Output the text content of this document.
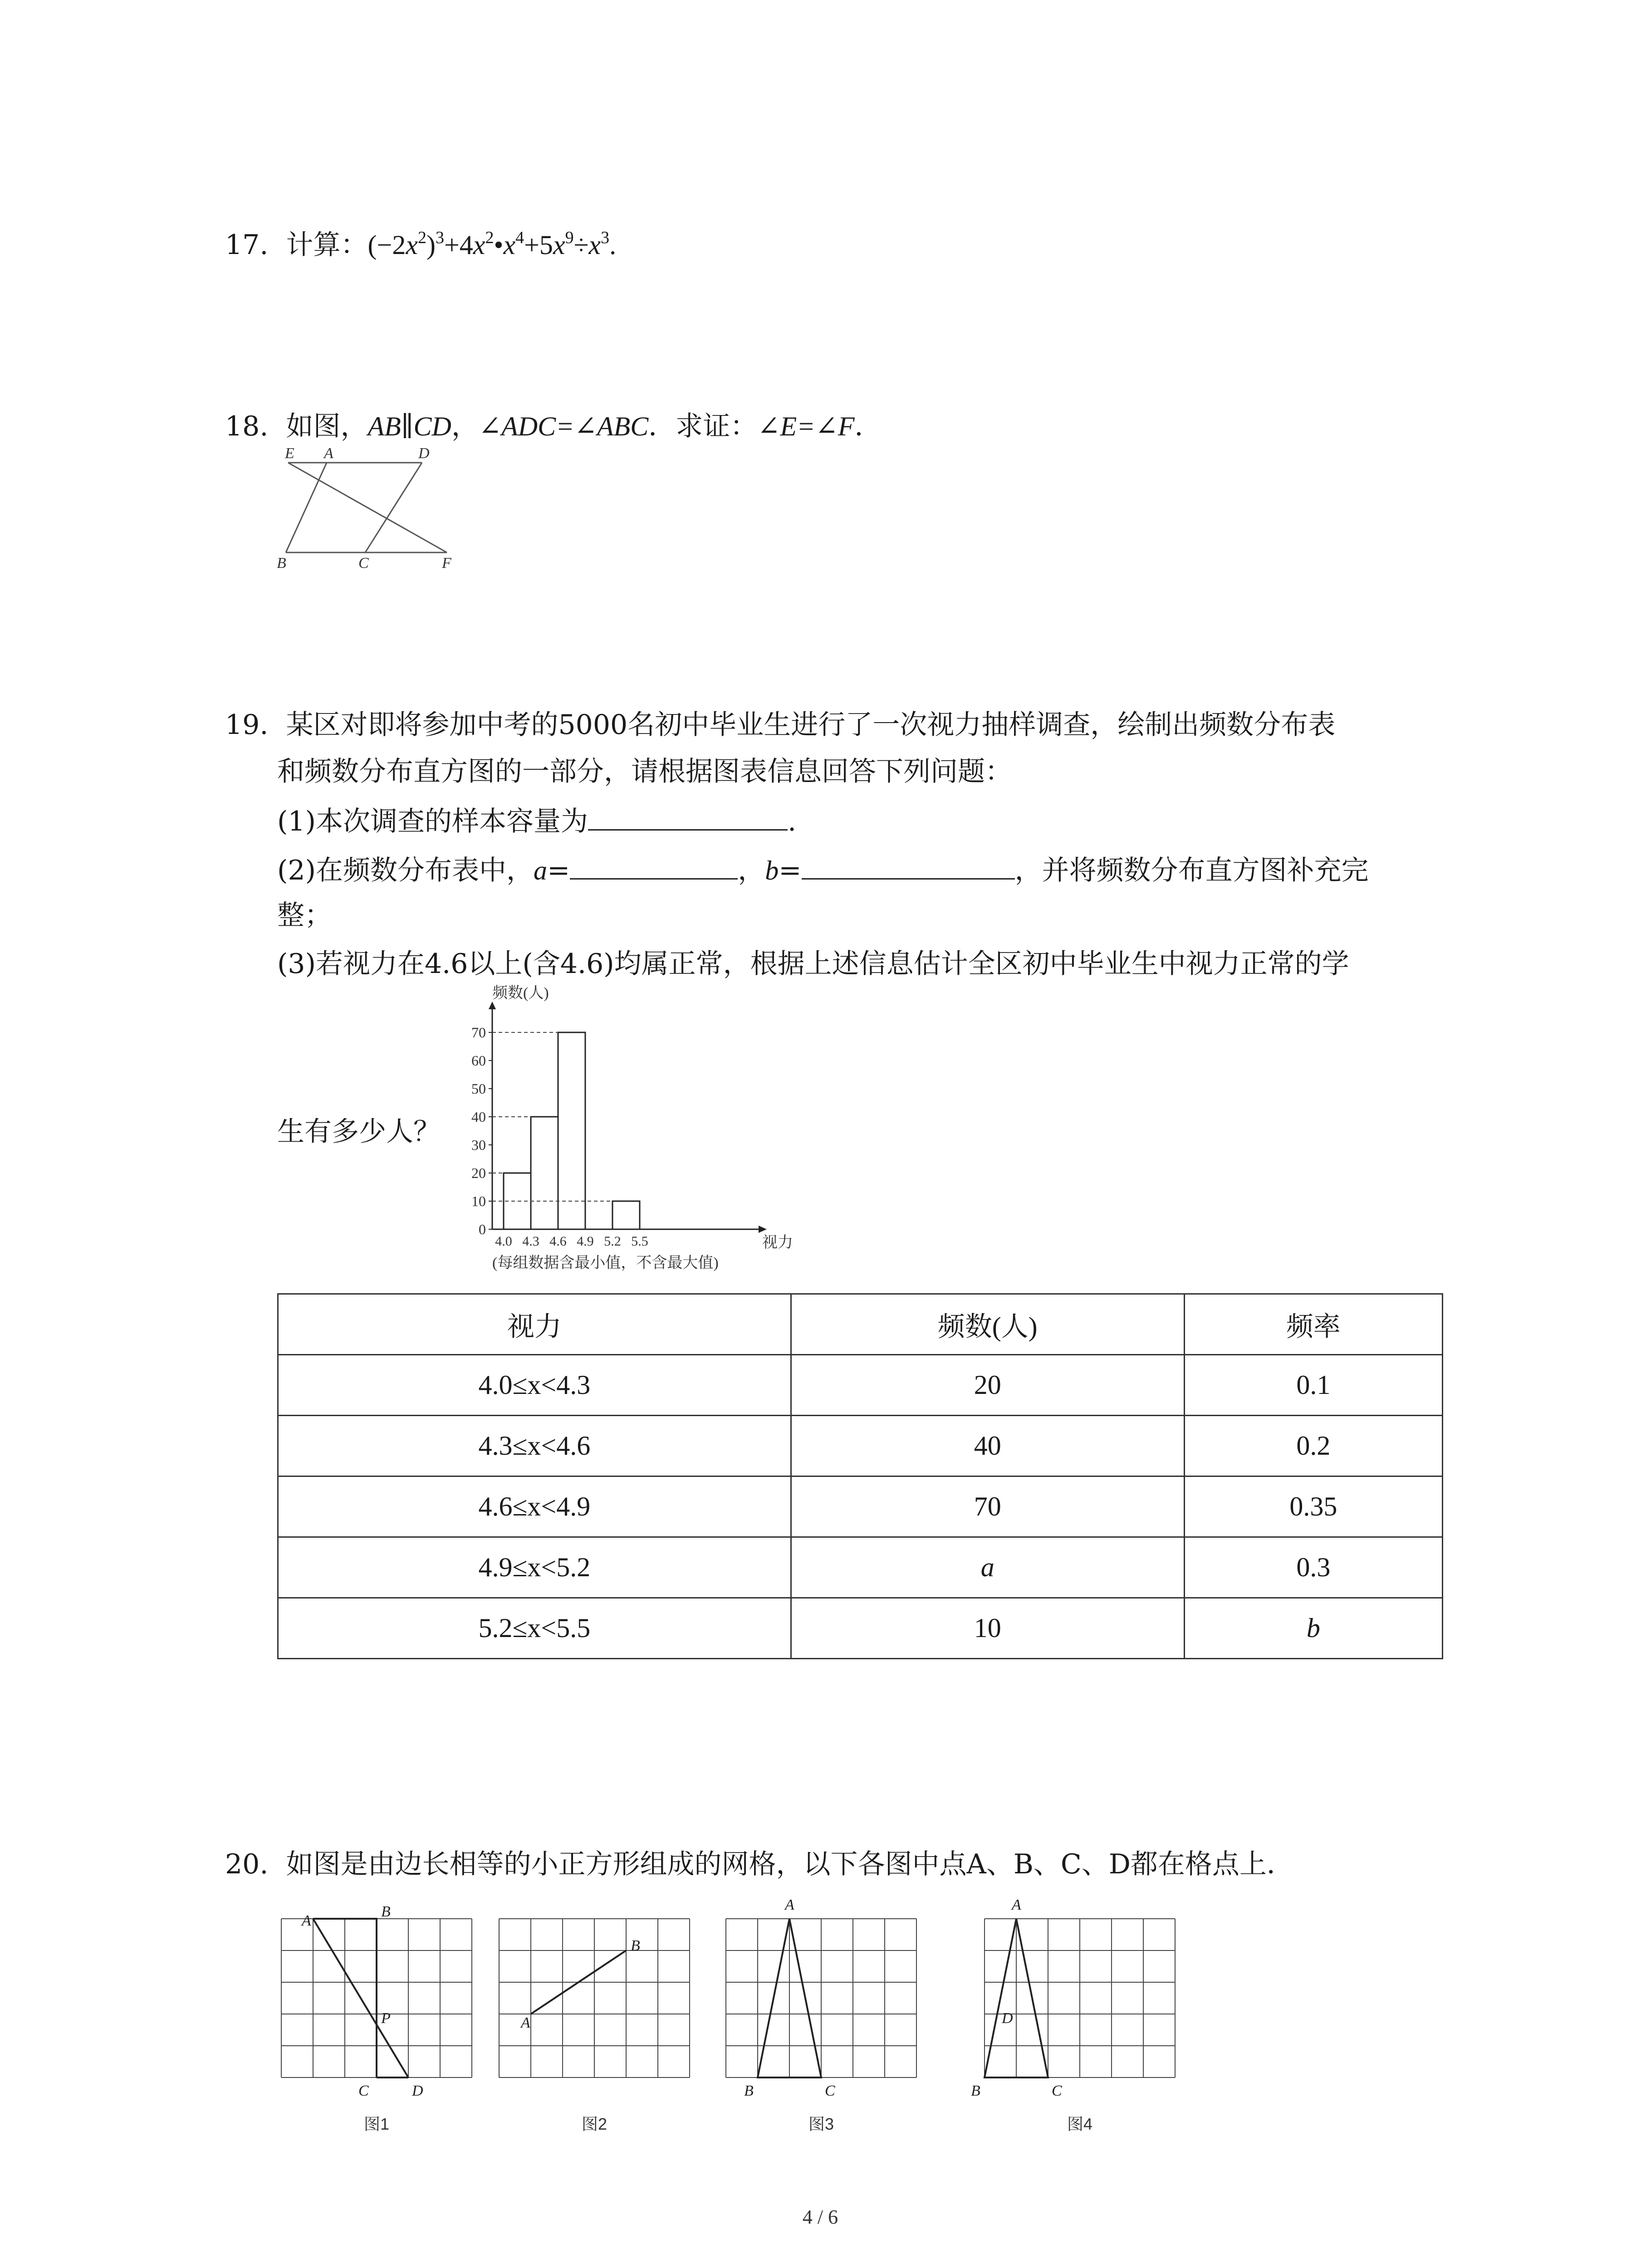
17. 计算：$(-2x^2)^3+4x^2•x^4+5x^9\div x^3$.
18. 如图，AB∥CD，∠ADC=∠ABC．求证：∠E=∠F．
E A	D
B	C	F
19. 某区对即将参加中考的5000名初中毕业生进行了一次视力抽样调查，绘制出频数分布表
和频数分布直方图的一部分，请根据图表信息回答下列问题：
(1)本次调查的样本容量为	.
(2)在频数分布表中，a=	，b=	，并将频数分布直方图补充完
整；
(3)若视力在4.6以上(含4.6)均属正常，根据上述信息估计全区初中毕业生中视力正常的学
生有多少人？
频数(人)
视力
(每组数据含最小值，不含最大值)
0
10
20
30
40
50
60
70
4.0 4.3 4.6 4.9 5.2 5.5
视力	频数(人)	频率
4.0≤x<4.3	20	0.1
4.3≤x<4.6	40	0.2
4.6≤x<4.9	70	0.35
4.9≤x<5.2	a	0.3
5.2≤x<5.5	10	b
20. 如图是由边长相等的小正方形组成的网格，以下各图中点A、B、C、D都在格点上．
A
B
P
C	D
A
B
A
B	C
A
D
B	C
图1	图2	图3	图4
4 / 6
